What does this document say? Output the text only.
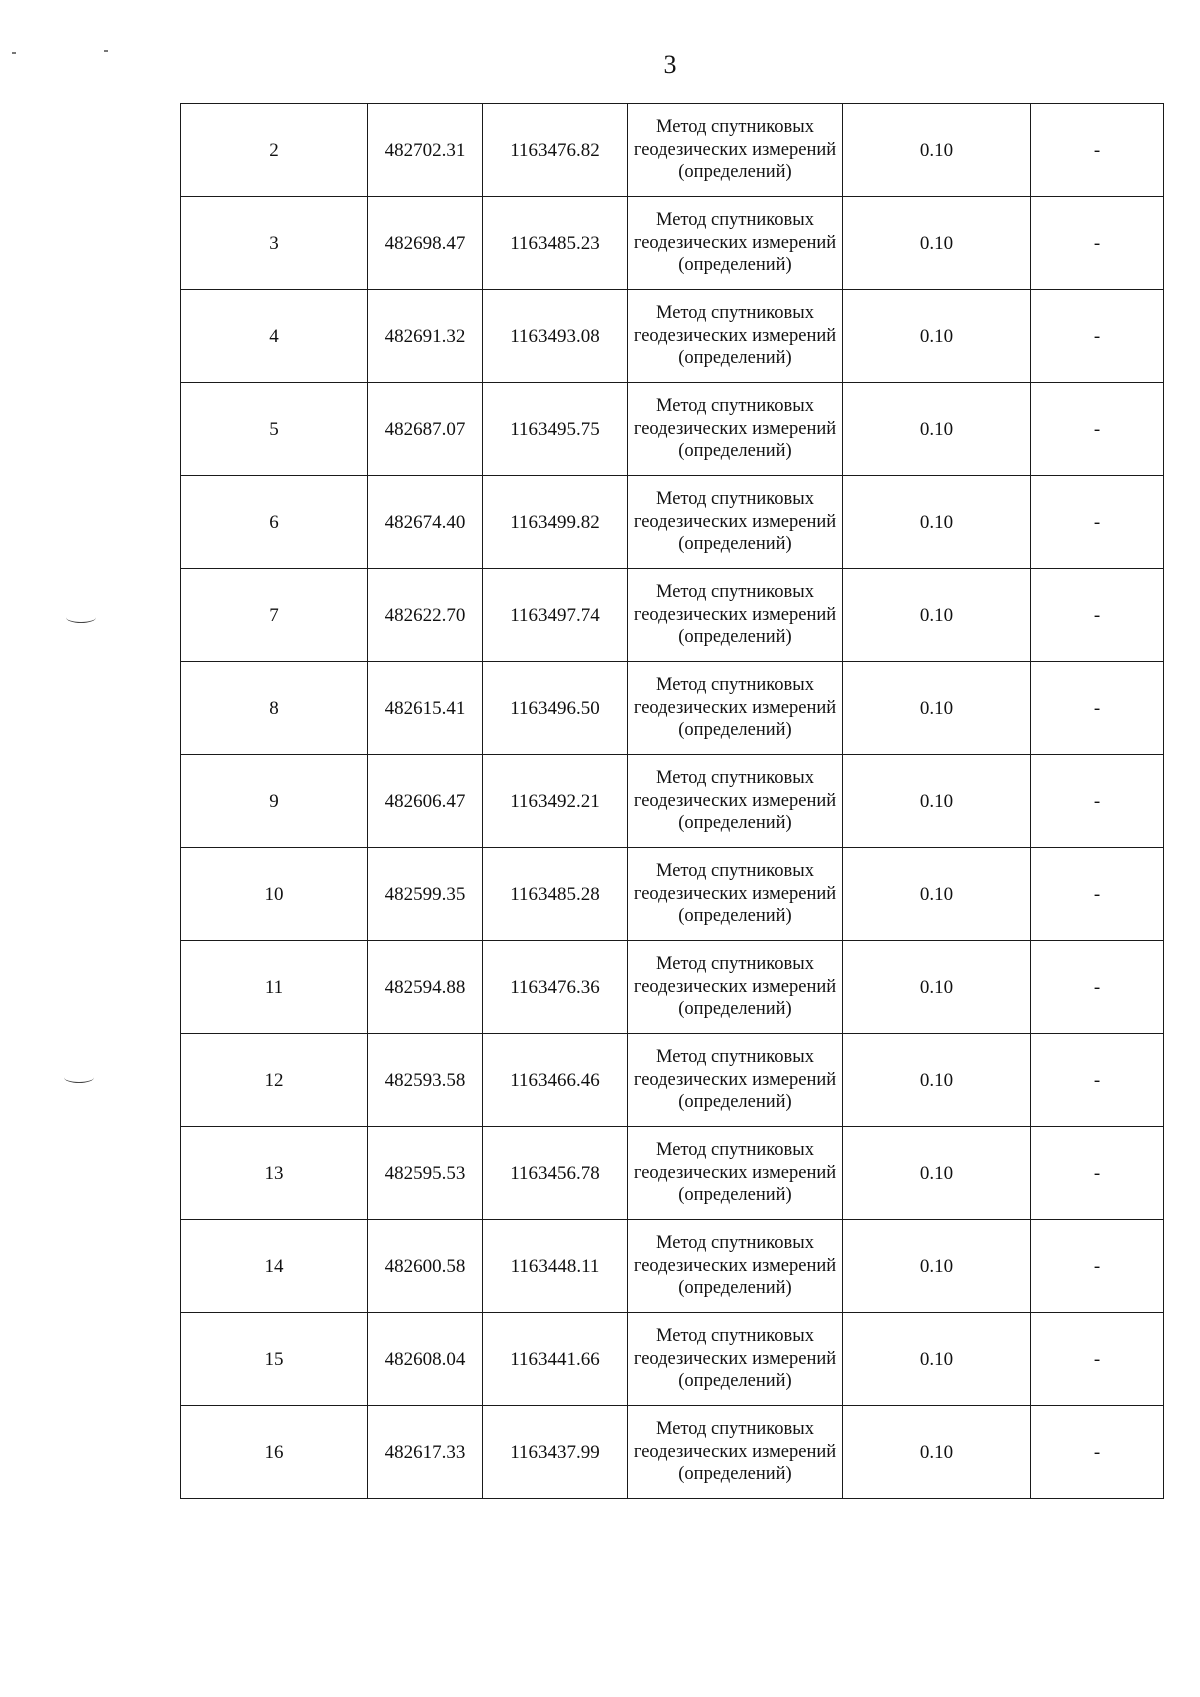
3
2	482702.31	1163476.82	Метод спутниковых геодезических измерений (определений)	0.10	-
3	482698.47	1163485.23	Метод спутниковых геодезических измерений (определений)	0.10	-
4	482691.32	1163493.08	Метод спутниковых геодезических измерений (определений)	0.10	-
5	482687.07	1163495.75	Метод спутниковых геодезических измерений (определений)	0.10	-
6	482674.40	1163499.82	Метод спутниковых геодезических измерений (определений)	0.10	-
7	482622.70	1163497.74	Метод спутниковых геодезических измерений (определений)	0.10	-
8	482615.41	1163496.50	Метод спутниковых геодезических измерений (определений)	0.10	-
9	482606.47	1163492.21	Метод спутниковых геодезических измерений (определений)	0.10	-
10	482599.35	1163485.28	Метод спутниковых геодезических измерений (определений)	0.10	-
11	482594.88	1163476.36	Метод спутниковых геодезических измерений (определений)	0.10	-
12	482593.58	1163466.46	Метод спутниковых геодезических измерений (определений)	0.10	-
13	482595.53	1163456.78	Метод спутниковых геодезических измерений (определений)	0.10	-
14	482600.58	1163448.11	Метод спутниковых геодезических измерений (определений)	0.10	-
15	482608.04	1163441.66	Метод спутниковых геодезических измерений (определений)	0.10	-
16	482617.33	1163437.99	Метод спутниковых геодезических измерений (определений)	0.10	-
